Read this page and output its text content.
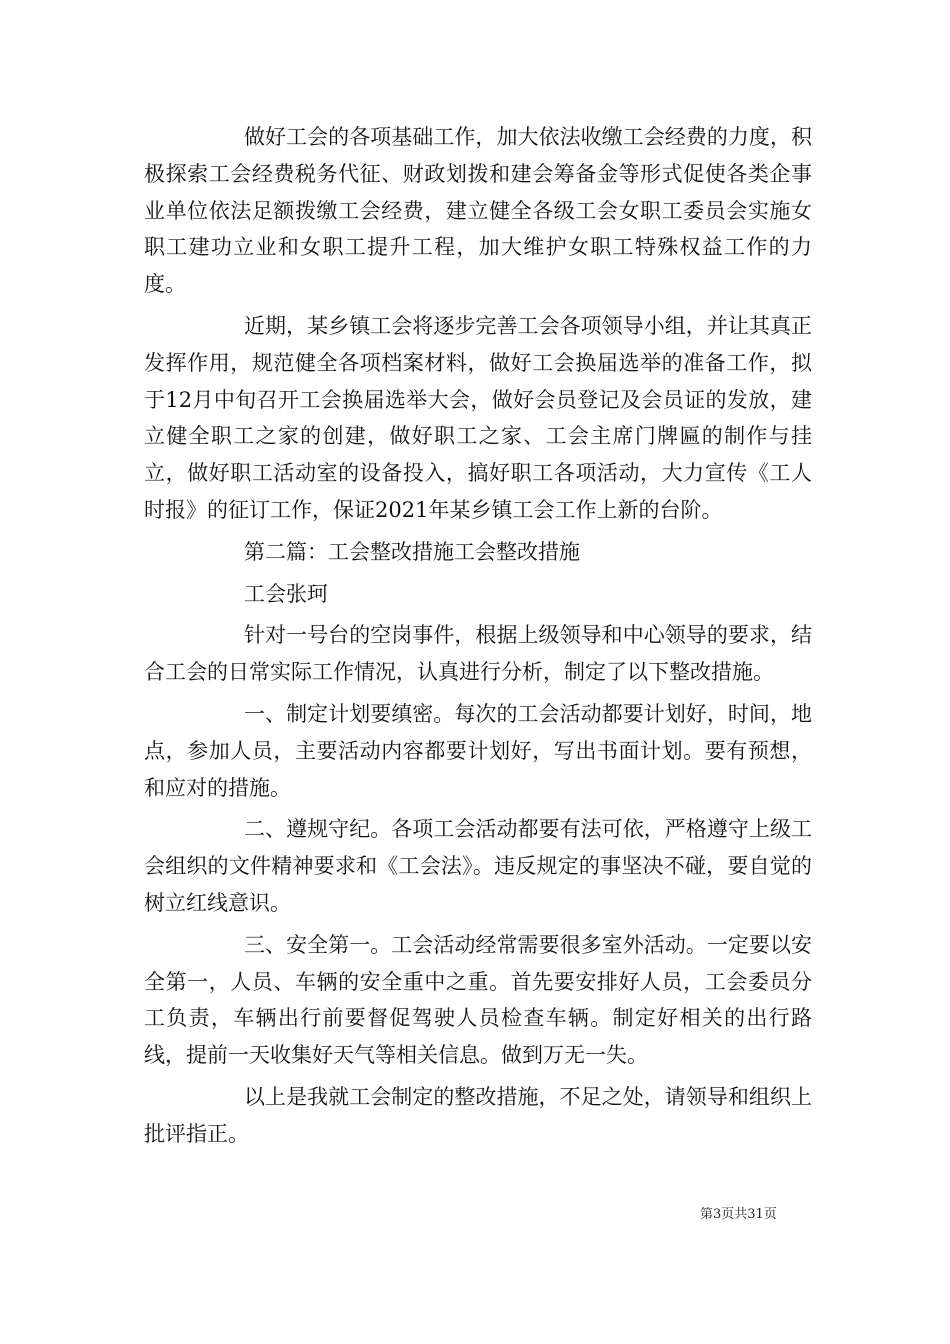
做好工会的各项基础工作，加大依法收缴工会经费的力度，积极探索工会经费税务代征、财政划拨和建会筹备金等形式促使各类企事业单位依法足额拨缴工会经费，建立健全各级工会女职工委员会实施女职工建功立业和女职工提升工程，加大维护女职工特殊权益工作的力度。

近期，某乡镇工会将逐步完善工会各项领导小组，并让其真正发挥作用，规范健全各项档案材料，做好工会换届选举的准备工作，拟于12月中旬召开工会换届选举大会，做好会员登记及会员证的发放，建立健全职工之家的创建，做好职工之家、工会主席门牌匾的制作与挂立，做好职工活动室的设备投入，搞好职工各项活动，大力宣传《工人时报》的征订工作，保证2021年某乡镇工会工作上新的台阶。

第二篇：工会整改措施工会整改措施

工会张珂

针对一号台的空岗事件，根据上级领导和中心领导的要求，结合工会的日常实际工作情况，认真进行分析，制定了以下整改措施。

一、制定计划要缜密。每次的工会活动都要计划好，时间，地点，参加人员，主要活动内容都要计划好，写出书面计划。要有预想，和应对的措施。

二、遵规守纪。各项工会活动都要有法可依，严格遵守上级工会组织的文件精神要求和《工会法》。违反规定的事坚决不碰，要自觉的树立红线意识。

三、安全第一。工会活动经常需要很多室外活动。一定要以安全第一，人员、车辆的安全重中之重。首先要安排好人员，工会委员分工负责，车辆出行前要督促驾驶人员检查车辆。制定好相关的出行路线，提前一天收集好天气等相关信息。做到万无一失。

以上是我就工会制定的整改措施，不足之处，请领导和组织上批评指正。

第3页共31页
